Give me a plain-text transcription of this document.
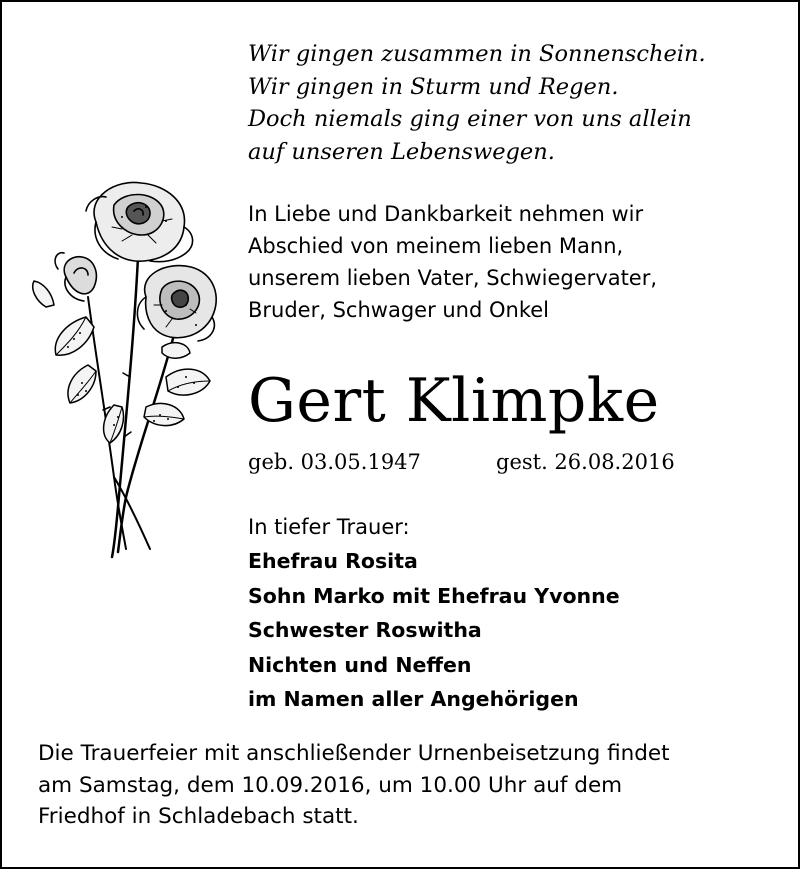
Wir gingen zusammen in Sonnenschein.
Wir gingen in Sturm und Regen.
Doch niemals ging einer von uns allein
auf unseren Lebenswegen.
In Liebe und Dankbarkeit nehmen wir
Abschied von meinem lieben Mann,
unserem lieben Vater, Schwiegervater,
Bruder, Schwager und Onkel
Gert Klimpke
geb. 03.05.1947	gest. 26.08.2016
In tiefer Trauer:
Ehefrau Rosita
Sohn Marko mit Ehefrau Yvonne
Schwester Roswitha
Nichten und Neffen
im Namen aller Angehörigen
Die Trauerfeier mit anschließender Urnenbeisetzung findet
am Samstag, dem 10.09.2016, um 10.00 Uhr auf dem
Friedhof in Schladebach statt.
